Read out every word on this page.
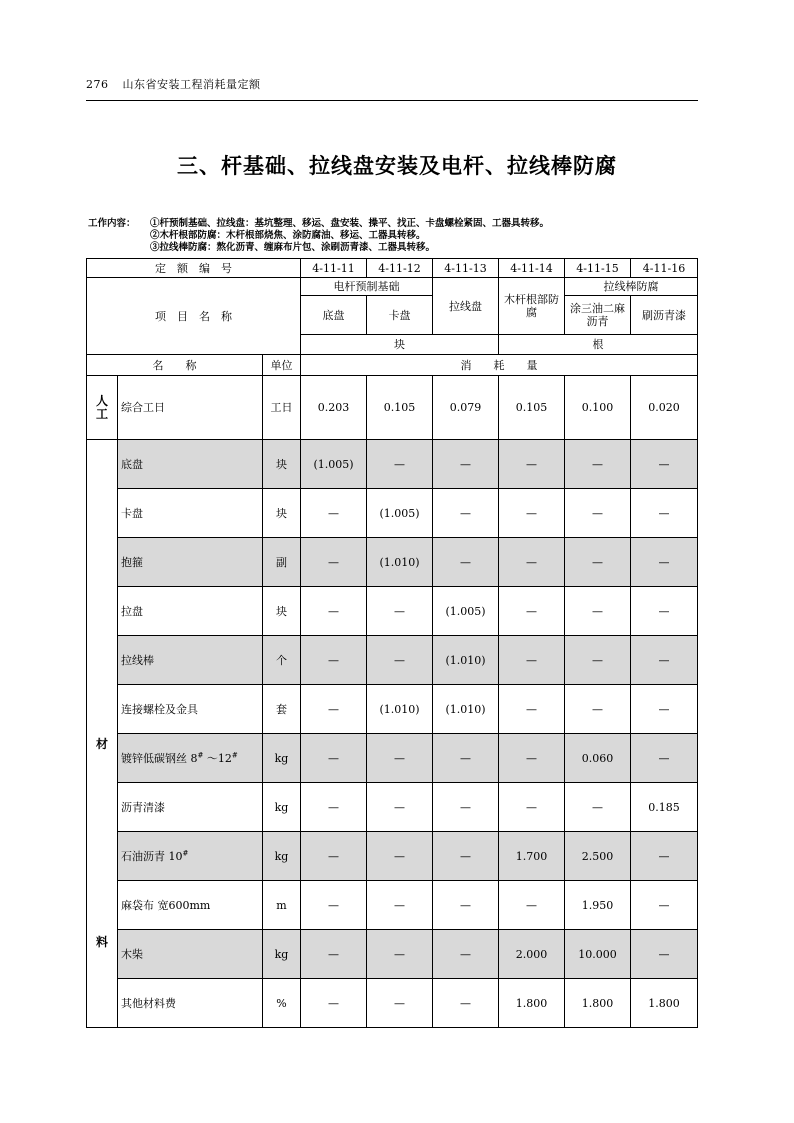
276 山东省安装工程消耗量定额
三、杆基础、拉线盘安装及电杆、拉线棒防腐
工作内容： ①杆预制基础、拉线盘：基坑整理、移运、盘安装、操平、找正、卡盘螺栓紧固、工器具转移。
②木杆根部防腐：木杆根部烧焦、涂防腐油、移运、工器具转移。
③拉线棒防腐：熬化沥青、缠麻布片包、涂刷沥青漆、工器具转移。
定　额　编　号			4-11-11	4-11-12	4-11-13	4-11-14	4-11-15	4-11-16
项　目　名　称			电杆预制基础		拉线盘	木杆根部防腐	拉线棒防腐	
			底盘	卡盘			涂三油二麻沥青	刷沥青漆
			块			根		
名　　称		单位	消　　耗　　量					
人
工	综合工日	工日	0.203	0.105	0.079	0.105	0.100	0.020

材
料	底盘	块	(1.005)	—	—	—	—	—
	卡盘	块	—	(1.005)	—	—	—	—
	抱箍	副	—	(1.010)	—	—	—	—
	拉盘	块	—	—	(1.005)	—	—	—
	拉线棒	个	—	—	(1.010)	—	—	—
	连接螺栓及金具	套	—	(1.010)	(1.010)	—	—	—
	镀锌低碳钢丝 8# ～12#	kg	—	—	—	—	0.060	—
	沥青清漆	kg	—	—	—	—	—	0.185
	石油沥青 10#	kg	—	—	—	1.700	2.500	—
	麻袋布 宽600mm	m	—	—	—	—	1.950	—
	木柴	kg	—	—	—	2.000	10.000	—
	其他材料费	%	—	—	—	1.800	1.800	1.800
